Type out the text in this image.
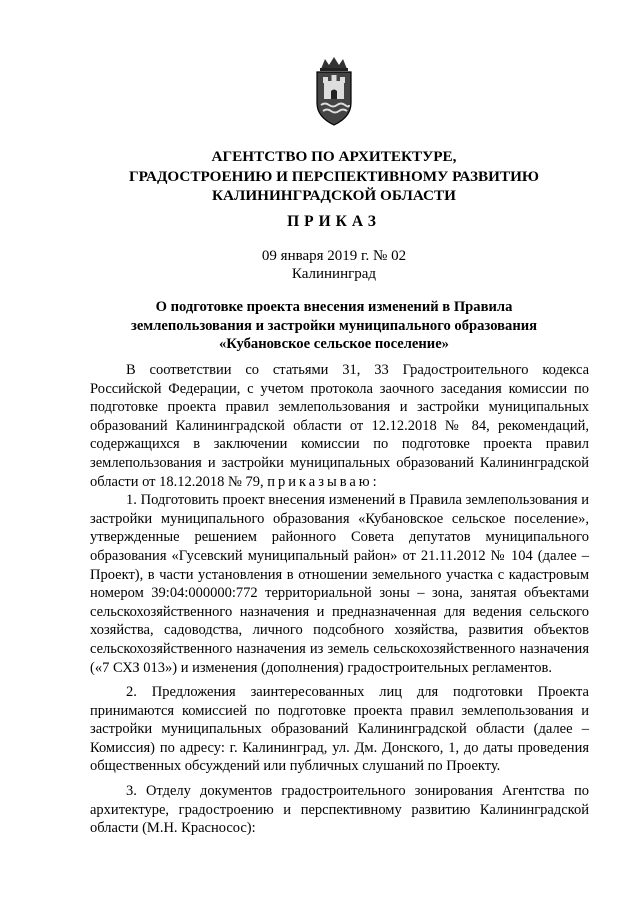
АГЕНТСТВО ПО АРХИТЕКТУРЕ,
ГРАДОСТРОЕНИЮ И ПЕРСПЕКТИВНОМУ РАЗВИТИЮ
КАЛИНИНГРАДСКОЙ ОБЛАСТИ
ПРИКАЗ
09 января 2019 г. № 02
Калининград
О подготовке проекта внесения изменений в Правила
землепользования и застройки муниципального образования
«Кубановское сельское поселение»

В соответствии со статьями 31, 33 Градостроительного кодекса Российской Федерации, с учетом протокола заочного заседания комиссии по подготовке проекта правил землепользования и застройки муниципальных образований Калининградской области от 12.12.2018 № 84, рекомендаций, содержащихся в заключении комиссии по подготовке проекта правил землепользования и застройки муниципальных образований Калининградской области от 18.12.2018 № 79, приказываю:

1. Подготовить проект внесения изменений в Правила землепользования и застройки муниципального образования «Кубановское сельское поселение», утвержденные решением районного Совета депутатов муниципального образования «Гусевский муниципальный район» от 21.11.2012 № 104 (далее – Проект), в части установления в отношении земельного участка с кадастровым номером 39:04:000000:772 территориальной зоны – зона, занятая объектами сельскохозяйственного назначения и предназначенная для ведения сельского хозяйства, садоводства, личного подсобного хозяйства, развития объектов сельскохозяйственного назначения из земель сельскохозяйственного назначения («7 СХЗ 013») и изменения (дополнения) градостроительных регламентов.

2. Предложения заинтересованных лиц для подготовки Проекта принимаются комиссией по подготовке проекта правил землепользования и застройки муниципальных образований Калининградской области (далее – Комиссия) по адресу: г. Калининград, ул. Дм. Донского, 1, до даты проведения общественных обсуждений или публичных слушаний по Проекту.

3. Отделу документов градостроительного зонирования Агентства по архитектуре, градостроению и перспективному развитию Калининградской области (М.Н. Красносос):
